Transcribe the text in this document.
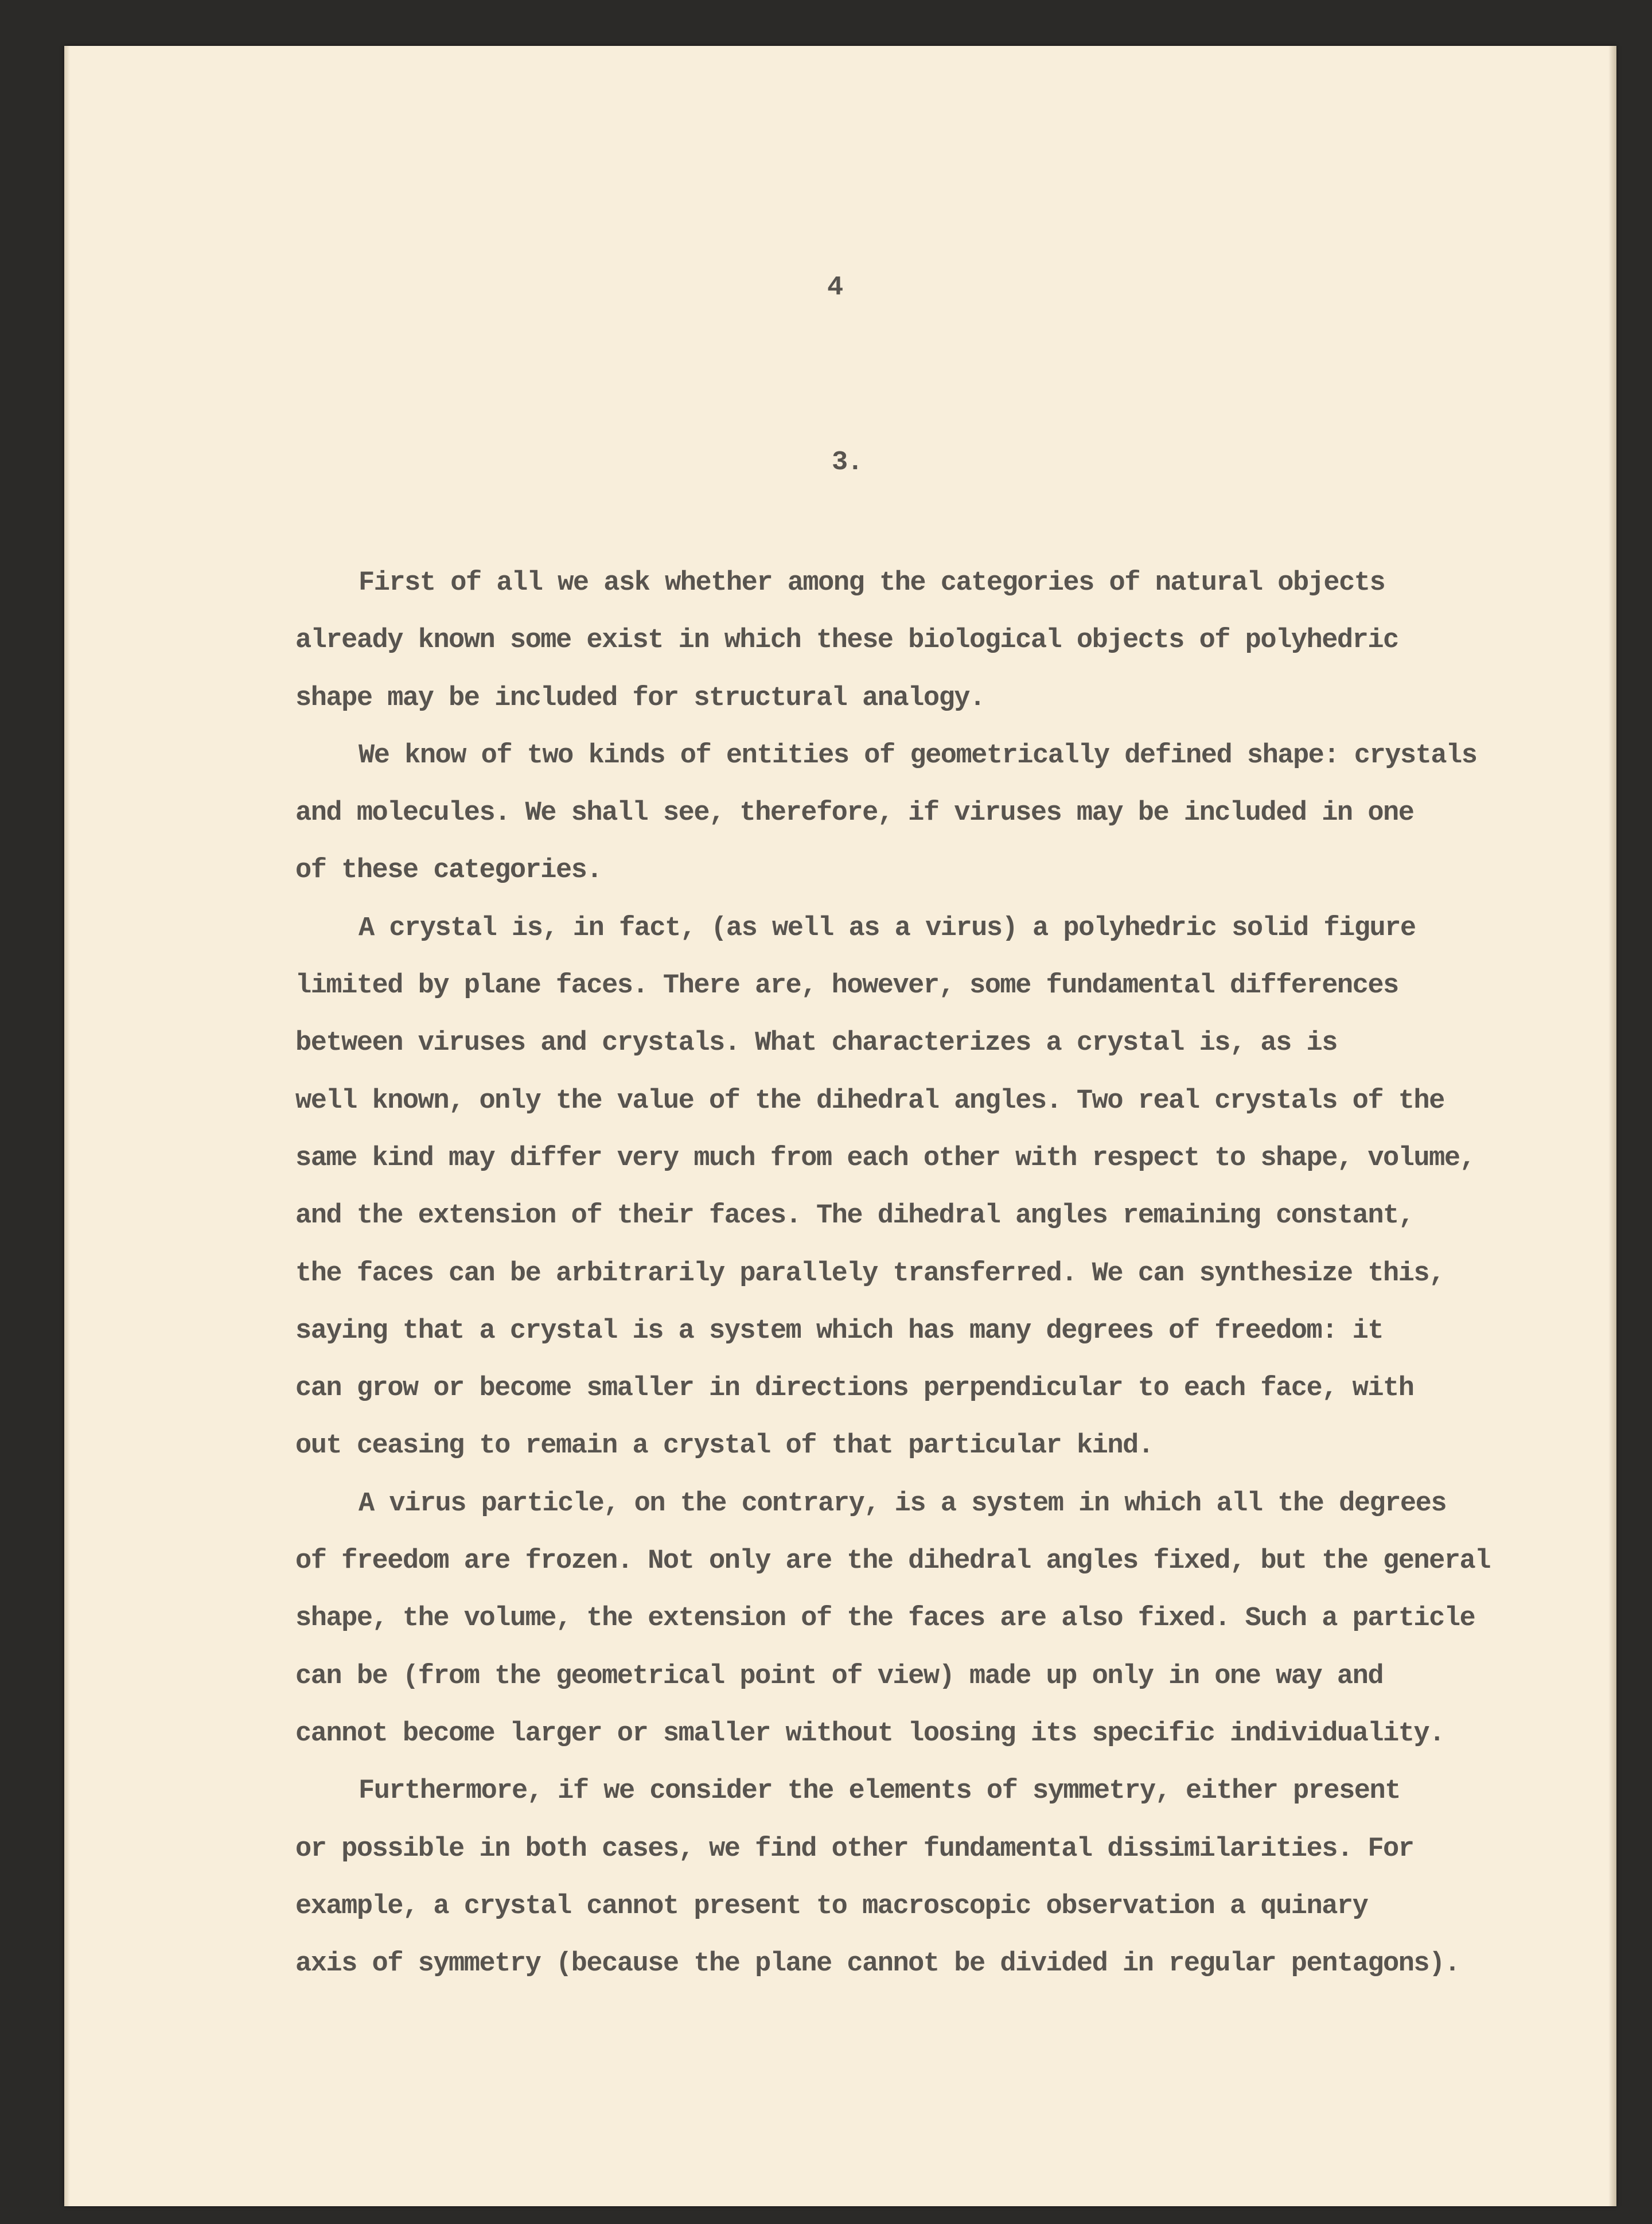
4
3.
First of all we ask whether among the categories of natural objects
already known some exist in which these biological objects of polyhedric
shape may be included for structural analogy.
We know of two kinds of entities of geometrically defined shape: crystals
and molecules. We shall see, therefore, if viruses may be included in one
of these categories.
A crystal is, in fact, (as well as a virus) a polyhedric solid figure
limited by plane faces. There are, however, some fundamental differences
between viruses and crystals. What characterizes a crystal is, as is
well known, only the value of the dihedral angles. Two real crystals of the
same kind may differ very much from each other with respect to shape, volume,
and the extension of their faces. The dihedral angles remaining constant,
the faces can be arbitrarily parallely transferred. We can synthesize this,
saying that a crystal is a system which has many degrees of freedom: it
can grow or become smaller in directions perpendicular to each face, with
out ceasing to remain a crystal of that particular kind.
A virus particle, on the contrary, is a system in which all the degrees
of freedom are frozen. Not only are the dihedral angles fixed, but the general
shape, the volume, the extension of the faces are also fixed. Such a particle
can be (from the geometrical point of view) made up only in one way and
cannot become larger or smaller without loosing its specific individuality.
Furthermore, if we consider the elements of symmetry, either present
or possible in both cases, we find other fundamental dissimilarities. For
example, a crystal cannot present to macroscopic observation a quinary
axis of symmetry (because the plane cannot be divided in regular pentagons).
